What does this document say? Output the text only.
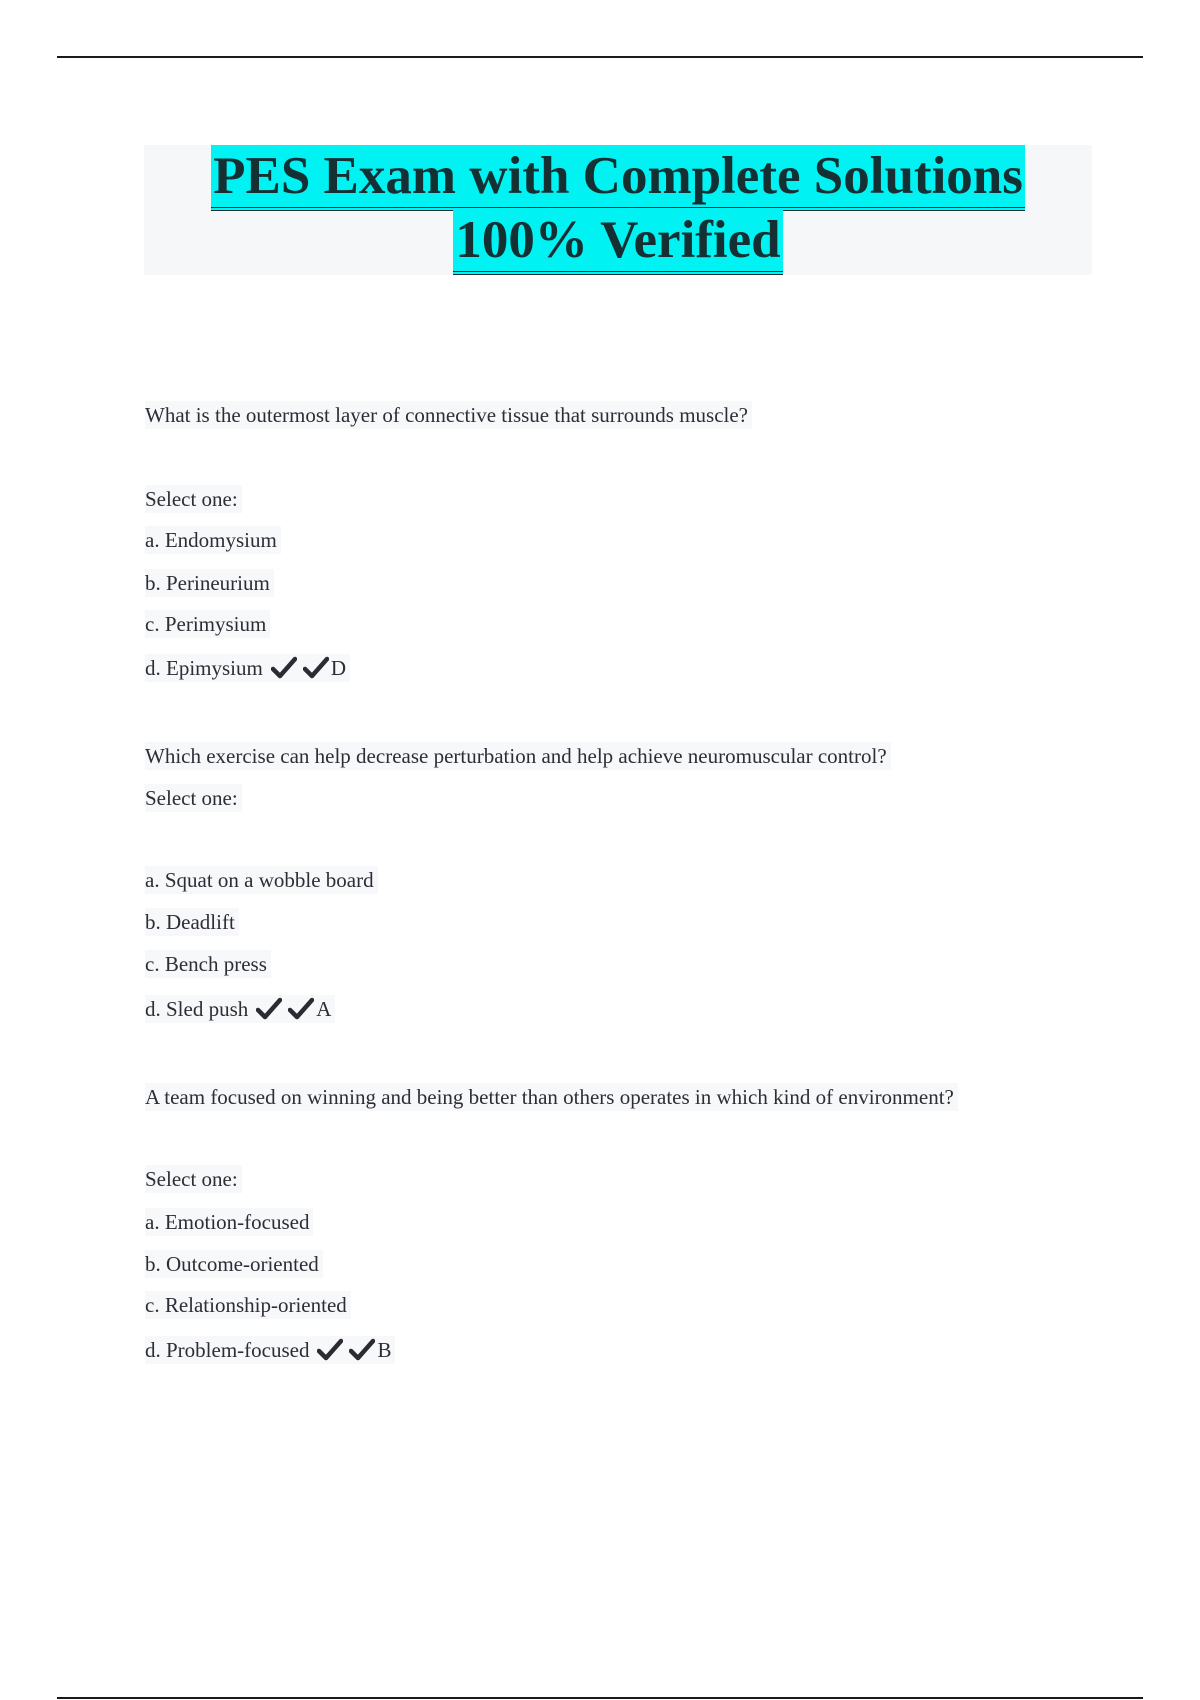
PES Exam with Complete Solutions
100% Verified
What is the outermost layer of connective tissue that surrounds muscle?
Select one:
a. Endomysium
b. Perineurium
c. Perimysium
d. Epimysium	D
Which exercise can help decrease perturbation and help achieve neuromuscular control?
Select one:
a. Squat on a wobble board
b. Deadlift
c. Bench press
d. Sled push	A
A team focused on winning and being better than others operates in which kind of environment?
Select one:
a. Emotion-focused
b. Outcome-oriented
c. Relationship-oriented
d. Problem-focused	B
